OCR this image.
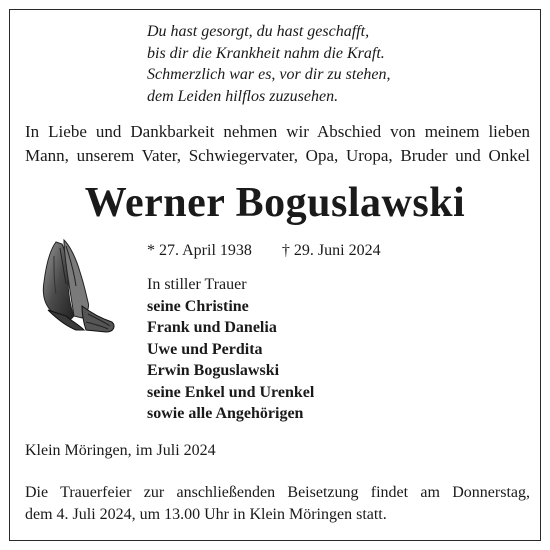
Du hast gesorgt, du hast geschafft,
bis dir die Krankheit nahm die Kraft.
Schmerzlich war es, vor dir zu stehen,
dem Leiden hilflos zuzusehen.
In Liebe und Dankbarkeit nehmen wir Abschied von meinem lieben
Mann, unserem Vater, Schwiegervater, Opa, Uropa, Bruder und Onkel
Werner Boguslawski
* 27. April 1938 † 29. Juni 2024
In stiller Trauer
seine Christine
Frank und Danelia
Uwe und Perdita
Erwin Boguslawski
seine Enkel und Urenkel
sowie alle Angehörigen
Klein Möringen, im Juli 2024
Die Trauerfeier zur anschließenden Beisetzung findet am Donnerstag,
dem 4. Juli 2024, um 13.00 Uhr in Klein Möringen statt.
